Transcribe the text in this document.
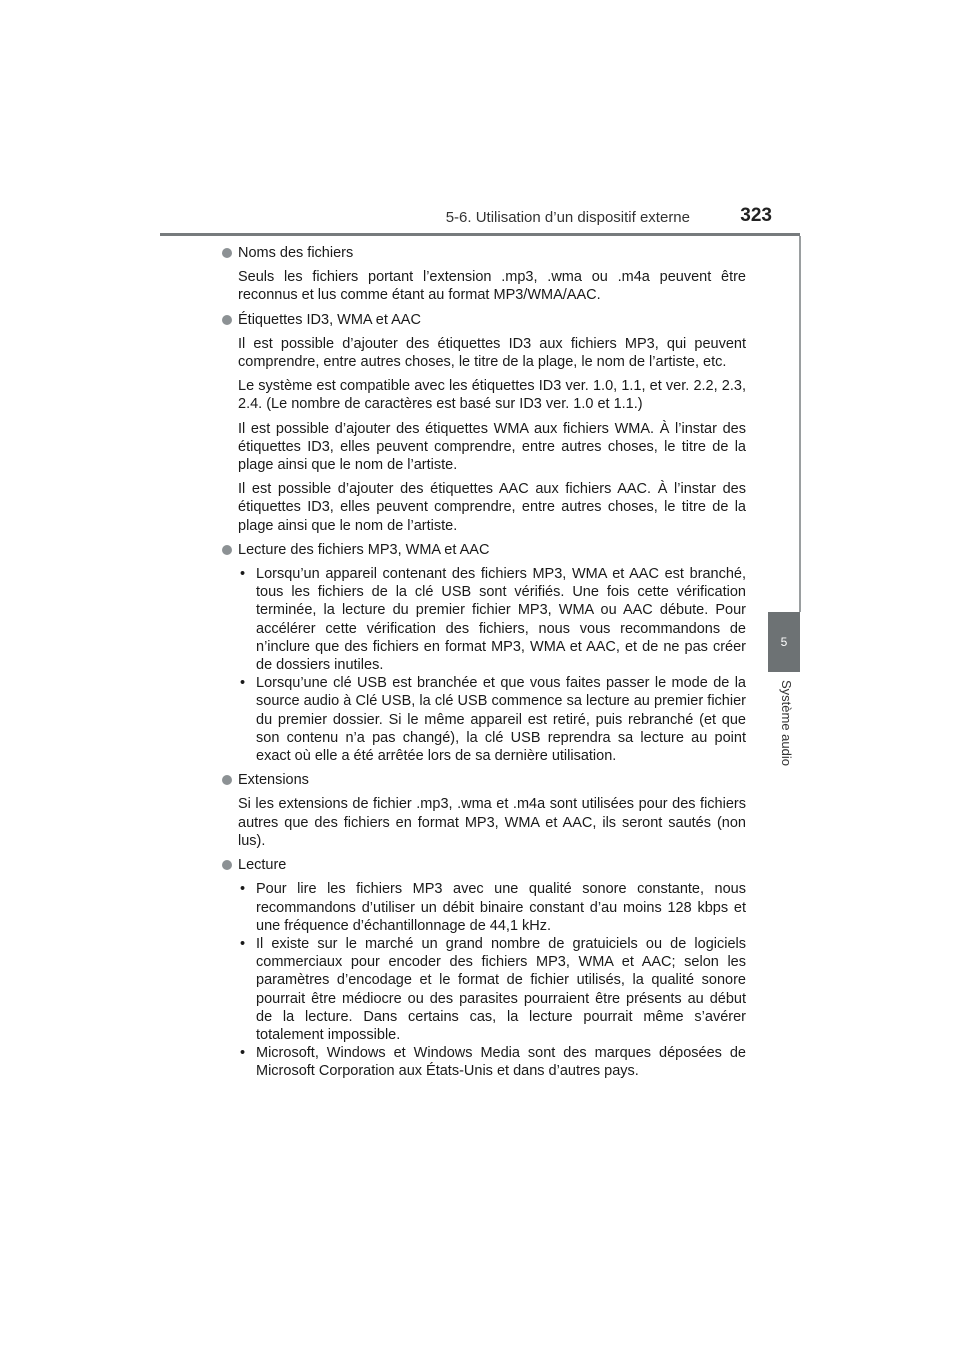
5-6. Utilisation d’un dispositif externe	323
5
Système audio
Noms des fichiers

Seuls les fichiers portant l’extension .mp3, .wma ou .m4a peuvent être reconnus et lus comme étant au format MP3/WMA/AAC.

Étiquettes ID3, WMA et AAC

Il est possible d’ajouter des étiquettes ID3 aux fichiers MP3, qui peuvent comprendre, entre autres choses, le titre de la plage, le nom de l’artiste, etc.

Le système est compatible avec les étiquettes ID3 ver. 1.0, 1.1, et ver. 2.2, 2.3, 2.4. (Le nombre de caractères est basé sur ID3 ver. 1.0 et 1.1.)

Il est possible d’ajouter des étiquettes WMA aux fichiers WMA. À l’instar des étiquettes ID3, elles peuvent comprendre, entre autres choses, le titre de la plage ainsi que le nom de l’artiste.

Il est possible d’ajouter des étiquettes AAC aux fichiers AAC. À l’instar des étiquettes ID3, elles peuvent comprendre, entre autres choses, le titre de la plage ainsi que le nom de l’artiste.

Lecture des fichiers MP3, WMA et AAC

• Lorsqu’un appareil contenant des fichiers MP3, WMA et AAC est branché, tous les fichiers de la clé USB sont vérifiés. Une fois cette vérification terminée, la lecture du premier fichier MP3, WMA ou AAC débute. Pour accélérer cette vérification des fichiers, nous vous recommandons de n’inclure que des fichiers en format MP3, WMA et AAC, et de ne pas créer de dossiers inutiles.

• Lorsqu’une clé USB est branchée et que vous faites passer le mode de la source audio à Clé USB, la clé USB commence sa lecture au premier fichier du premier dossier. Si le même appareil est retiré, puis rebranché (et que son contenu n’a pas changé), la clé USB reprendra sa lecture au point exact où elle a été arrêtée lors de sa dernière utilisation.

Extensions

Si les extensions de fichier .mp3, .wma et .m4a sont utilisées pour des fichiers autres que des fichiers en format MP3, WMA et AAC, ils seront sautés (non lus).

Lecture

• Pour lire les fichiers MP3 avec une qualité sonore constante, nous recommandons d’utiliser un débit binaire constant d’au moins 128 kbps et une fréquence d’échantillonnage de 44,1 kHz.

• Il existe sur le marché un grand nombre de gratuiciels ou de logiciels commerciaux pour encoder des fichiers MP3, WMA et AAC; selon les paramètres d’encodage et le format de fichier utilisés, la qualité sonore pourrait être médiocre ou des parasites pourraient être présents au début de la lecture. Dans certains cas, la lecture pourrait même s’avérer totalement impossible.

• Microsoft, Windows et Windows Media sont des marques déposées de Microsoft Corporation aux États-Unis et dans d’autres pays.
